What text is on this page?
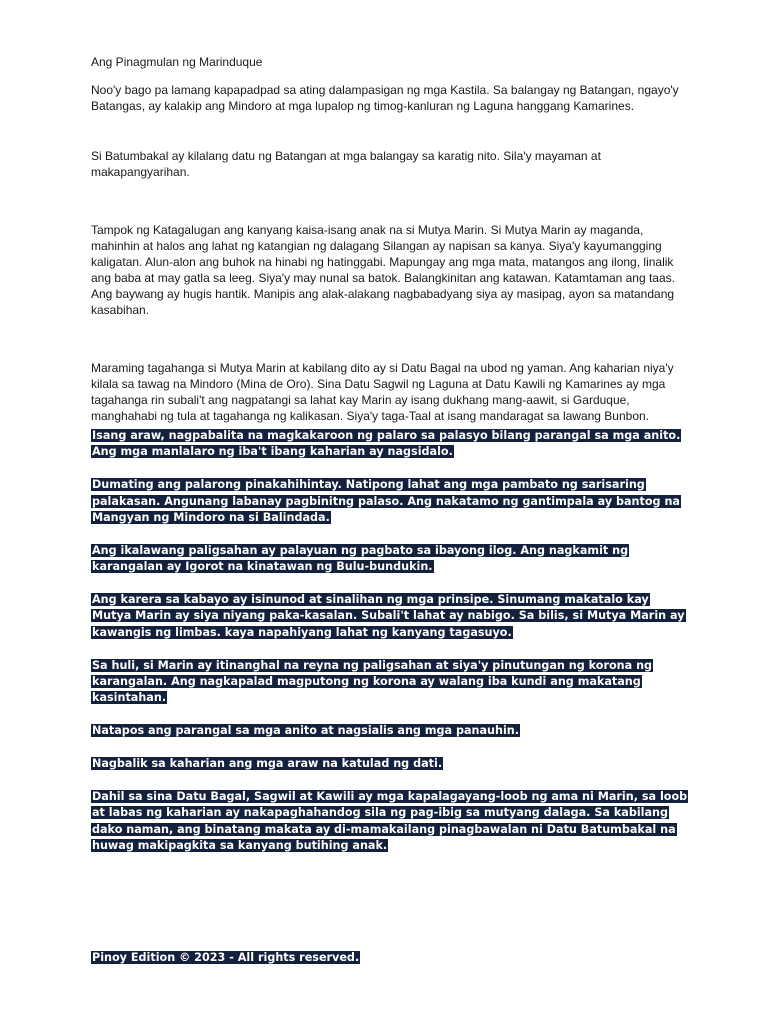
Ang Pinagmulan ng Marinduque

Noo'y bago pa lamang kapapadpad sa ating dalampasigan ng mga Kastila. Sa balangay ng Batangan, ngayo'y Batangas, ay kalakip ang Mindoro at mga lupalop ng timog-kanluran ng Laguna hanggang Kamarines.

Si Batumbakal ay kilalang datu ng Batangan at mga balangay sa karatig nito. Sila'y mayaman at makapangyarihan.

Tampok ng Katagalugan ang kanyang kaisa-isang anak na si Mutya Marin. Si Mutya Marin ay maganda, mahinhin at halos ang lahat ng katangian ng dalagang Silangan ay napisan sa kanya. Siya'y kayumangging kaligatan. Alun-alon ang buhok na hinabi ng hatinggabi. Mapungay ang mga mata, matangos ang ilong, linalik ang baba at may gatla sa leeg. Siya'y may nunal sa batok. Balangkinitan ang katawan. Katamtaman ang taas. Ang baywang ay hugis hantik. Manipis ang alak-alakang nagbabadyang siya ay masipag, ayon sa matandang kasabihan.

Maraming tagahanga si Mutya Marin at kabilang dito ay si Datu Bagal na ubod ng yaman. Ang kaharian niya'y kilala sa tawag na Mindoro (Mina de Oro). Sina Datu Sagwil ng Laguna at Datu Kawili ng Kamarines ay mga tagahanga rin subali't ang nagpatangi sa lahat kay Marin ay isang dukhang mang-aawit, si Garduque, manghahabi ng tula at tagahanga ng kalikasan. Siya'y taga-Taal at isang mandaragat sa lawang Bunbon.

Isang araw, nagpabalita na magkakaroon ng palaro sa palasyo bilang parangal sa mga anito. Ang mga manlalaro ng iba't ibang kaharian ay nagsidalo.

Dumating ang palarong pinakahihintay. Natipong lahat ang mga pambato ng sarisaring palakasan. Angunang labanay pagbinitng palaso. Ang nakatamo ng gantimpala ay bantog na Mangyan ng Mindoro na si Balindada.

Ang ikalawang paligsahan ay palayuan ng pagbato sa ibayong ilog. Ang nagkamit ng karangalan ay Igorot na kinatawan ng Bulu-bundukin.

Ang karera sa kabayo ay isinunod at sinalihan ng mga prinsipe. Sinumang makatalo kay Mutya Marin ay siya niyang paka-kasalan. Subali't lahat ay nabigo. Sa bilis, si Mutya Marin ay kawangis ng limbas. kaya napahiyang lahat ng kanyang tagasuyo.

Sa huli, si Marin ay itinanghal na reyna ng paligsahan at siya'y pinutungan ng korona ng karangalan. Ang nagkapalad magputong ng korona ay walang iba kundi ang makatang kasintahan.

Natapos ang parangal sa mga anito at nagsialis ang mga panauhin.

Nagbalik sa kaharian ang mga araw na katulad ng dati.

Dahil sa sina Datu Bagal, Sagwil at Kawili ay mga kapalagayang-loob ng ama ni Marin, sa loob at labas ng kaharian ay nakapaghahandog sila ng pag-ibig sa mutyang dalaga. Sa kabilang dako naman, ang binatang makata ay di-mamakailang pinagbawalan ni Datu Batumbakal na huwag makipagkita sa kanyang butihing anak.

Pinoy Edition © 2023 - All rights reserved.
